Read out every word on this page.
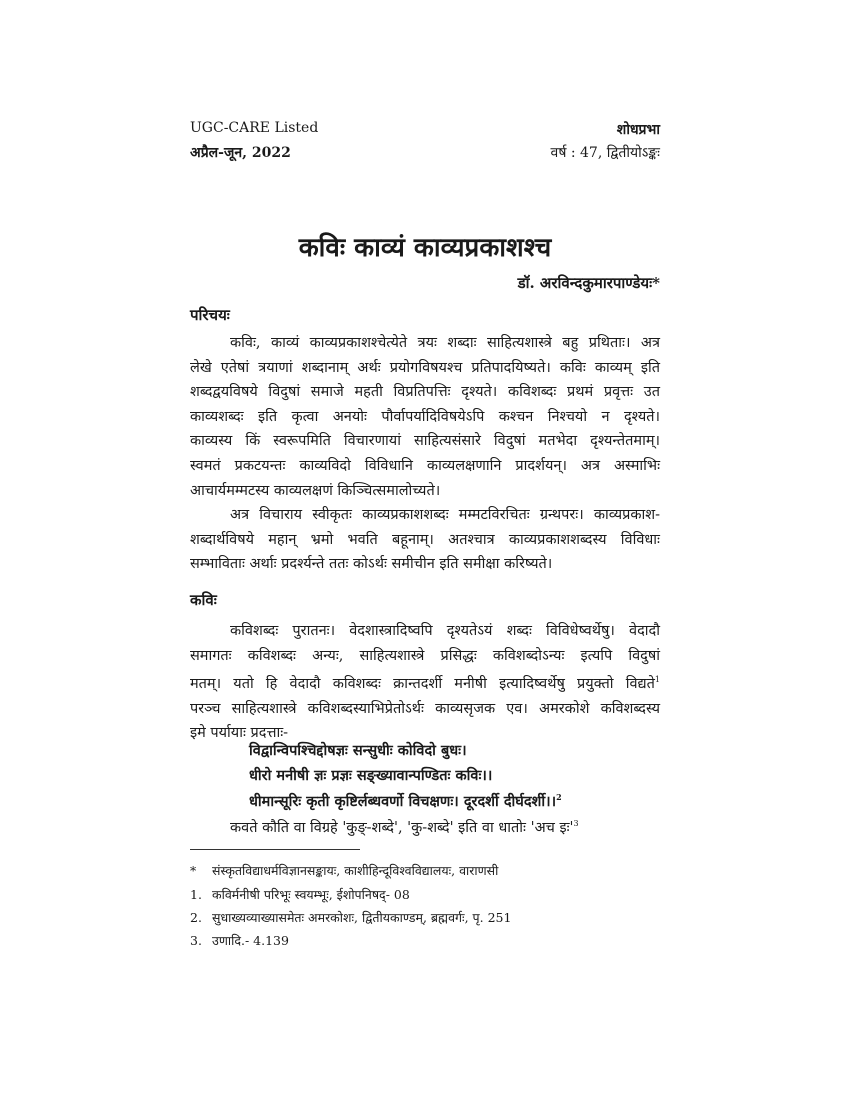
UGC-CARE Listed
अप्रैल-जून, 2022
शोधप्रभा
वर्ष : 47, द्वितीयोऽङ्कः
कविः काव्यं काव्यप्रकाशश्च
डॉ. अरविन्दकुमारपाण्डेयः*
परिचयः
कविः, काव्यं काव्यप्रकाशश्चेत्येते त्रयः शब्दाः साहित्यशास्त्रे बहु प्रथिताः। अत्र
लेखे एतेषां त्रयाणां शब्दानाम् अर्थः प्रयोगविषयश्च प्रतिपादयिष्यते। कविः काव्यम् इति
शब्दद्वयविषये विदुषां समाजे महती विप्रतिपत्तिः दृश्यते। कविशब्दः प्रथमं प्रवृत्तः उत
काव्यशब्दः इति कृत्वा अनयोः पौर्वापर्यादिविषयेऽपि कश्चन निश्चयो न दृश्यते।
काव्यस्य किं स्वरूपमिति विचारणायां साहित्यसंसारे विदुषां मतभेदा दृश्यन्तेतमाम्।
स्वमतं प्रकटयन्तः काव्यविदो विविधानि काव्यलक्षणानि प्रादर्शयन्। अत्र अस्माभिः
आचार्यमम्मटस्य काव्यलक्षणं किञ्चित्समालोच्यते।
अत्र विचाराय स्वीकृतः काव्यप्रकाशशब्दः मम्मटविरचितः ग्रन्थपरः। काव्यप्रकाश-
शब्दार्थविषये महान् भ्रमो भवति बहूनाम्। अतश्चात्र काव्यप्रकाशशब्दस्य विविधाः
सम्भाविताः अर्थाः प्रदर्श्यन्ते ततः कोऽर्थः समीचीन इति समीक्षा करिष्यते।
कविः
कविशब्दः पुरातनः। वेदशास्त्रादिष्वपि दृश्यतेऽयं शब्दः विविधेष्वर्थेषु। वेदादौ
समागतः कविशब्दः अन्यः, साहित्यशास्त्रे प्रसिद्धः कविशब्दोऽन्यः इत्यपि विदुषां
मतम्। यतो हि वेदादौ कविशब्दः क्रान्तदर्शी मनीषी इत्यादिष्वर्थेषु प्रयुक्तो विद्यते$^1$
परञ्च साहित्यशास्त्रे कविशब्दस्याभिप्रेतोऽर्थः काव्यसृजक एव। अमरकोशे कविशब्दस्य
इमे पर्यायाः प्रदत्ताः-
विद्वान्विपश्चिद्दोषज्ञः सन्सुधीः कोविदो बुधः।
धीरो मनीषी ज्ञः प्रज्ञः सङ्ख्यावान्पण्डितः कविः।।
धीमान्सूरिः कृती कृष्टिर्लब्धवर्णो विचक्षणः। दूरदर्शी दीर्घदर्शी।।$^2$
कवते कौति वा विग्रहे 'कुङ्-शब्दे', 'कु-शब्दे' इति वा धातोः 'अच $इः'^3$
* संस्कृतविद्याधर्मविज्ञानसङ्कायः, काशीहिन्दूविश्वविद्यालयः, वाराणसी
1. कविर्मनीषी परिभूः स्वयम्भूः, ईशोपनिषद्- 08
2. सुधाख्यव्याख्यासमेतः अमरकोशः, द्वितीयकाण्डम्, ब्रह्मवर्गः, पृ. 251
3. उणादि.- 4.139
